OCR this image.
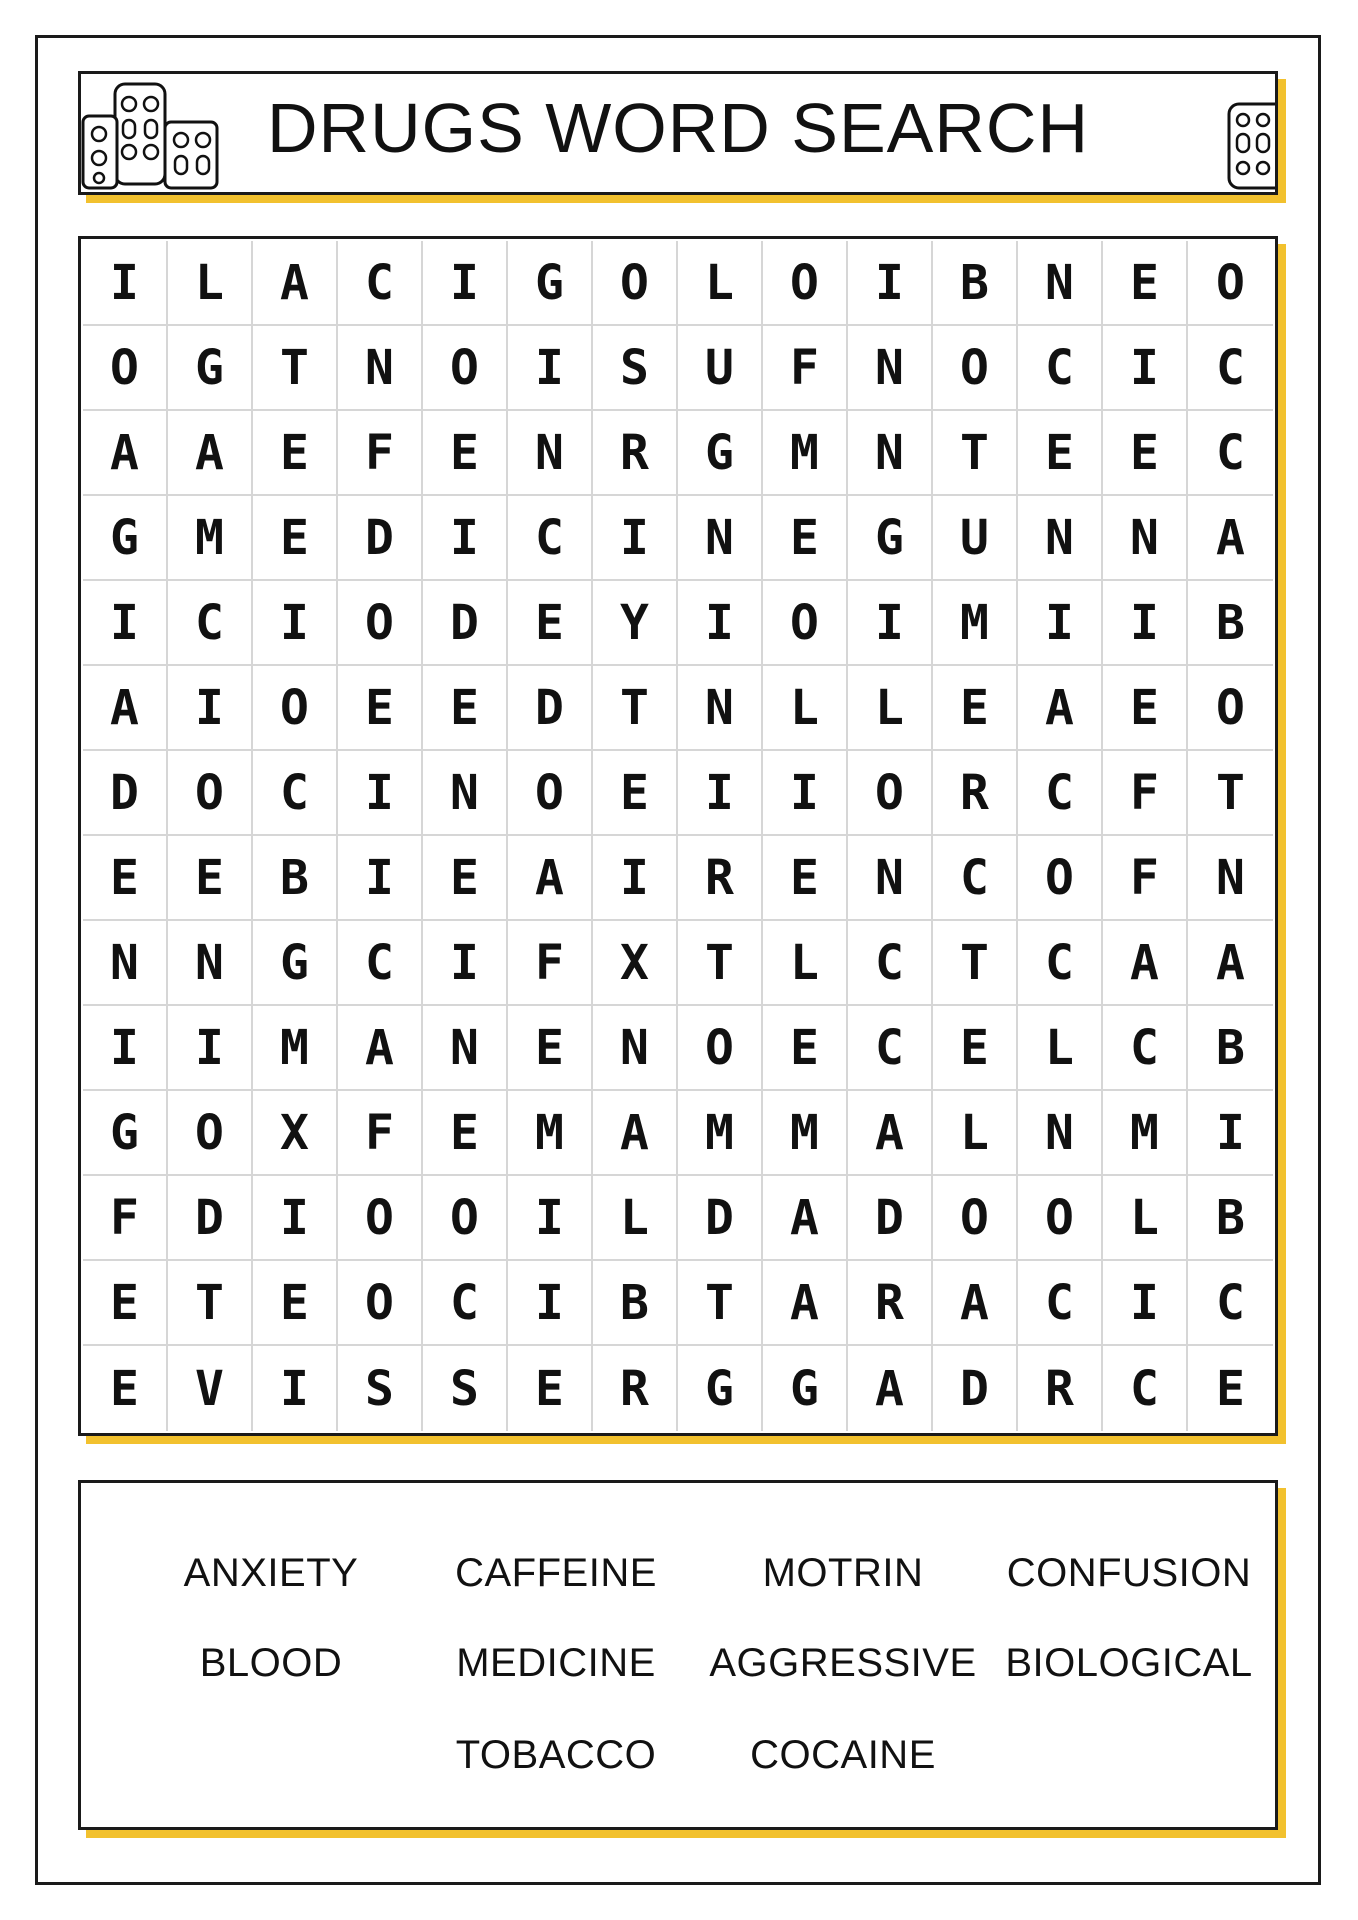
DRUGS WORD SEARCH
I	L	A	C	I	G	O	L	O	I	B	N	E	O
O	G	T	N	O	I	S	U	F	N	O	C	I	C
A	A	E	F	E	N	R	G	M	N	T	E	E	C
G	M	E	D	I	C	I	N	E	G	U	N	N	A
I	C	I	O	D	E	Y	I	O	I	M	I	I	B
A	I	O	E	E	D	T	N	L	L	E	A	E	O
D	O	C	I	N	O	E	I	I	O	R	C	F	T
E	E	B	I	E	A	I	R	E	N	C	O	F	N
N	N	G	C	I	F	X	T	L	C	T	C	A	A
I	I	M	A	N	E	N	O	E	C	E	L	C	B
G	O	X	F	E	M	A	M	M	A	L	N	M	I
F	D	I	O	O	I	L	D	A	D	O	O	L	B
E	T	E	O	C	I	B	T	A	R	A	C	I	C
E	V	I	S	S	E	R	G	G	A	D	R	C	E
ANXIETY	CAFFEINE	MOTRIN	CONFUSION
BLOOD	MEDICINE	AGGRESSIVE BIOLOGICAL
TOBACCO	COCAINE
